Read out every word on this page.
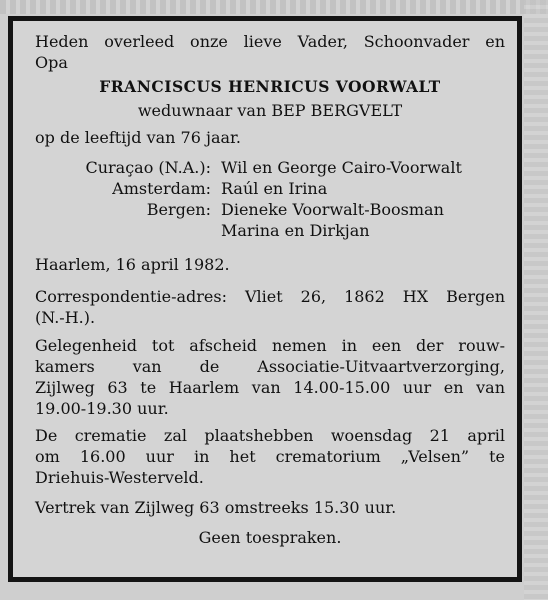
Heden overleed onze lieve Vader, Schoonvader en
Opa
FRANCISCUS HENRICUS VOORWALT
weduwnaar van BEP BERGVELT
op de leeftijd van 76 jaar.
Curaçao (N.A.): Wil en George Cairo-Voorwalt
Amsterdam: Raúl en Irina
Bergen: Dieneke Voorwalt-Boosman
Marina en Dirkjan
Haarlem, 16 april 1982.
Correspondentie-adres: Vliet 26, 1862 HX Bergen
(N.-H.).
Gelegenheid tot afscheid nemen in een der rouw-
kamers van de Associatie-Uitvaartverzorging,
Zijlweg 63 te Haarlem van 14.00-15.00 uur en van
19.00-19.30 uur.
De crematie zal plaatshebben woensdag 21 april
om 16.00 uur in het crematorium „Velsen” te
Driehuis-Westerveld.
Vertrek van Zijlweg 63 omstreeks 15.30 uur.
Geen toespraken.
